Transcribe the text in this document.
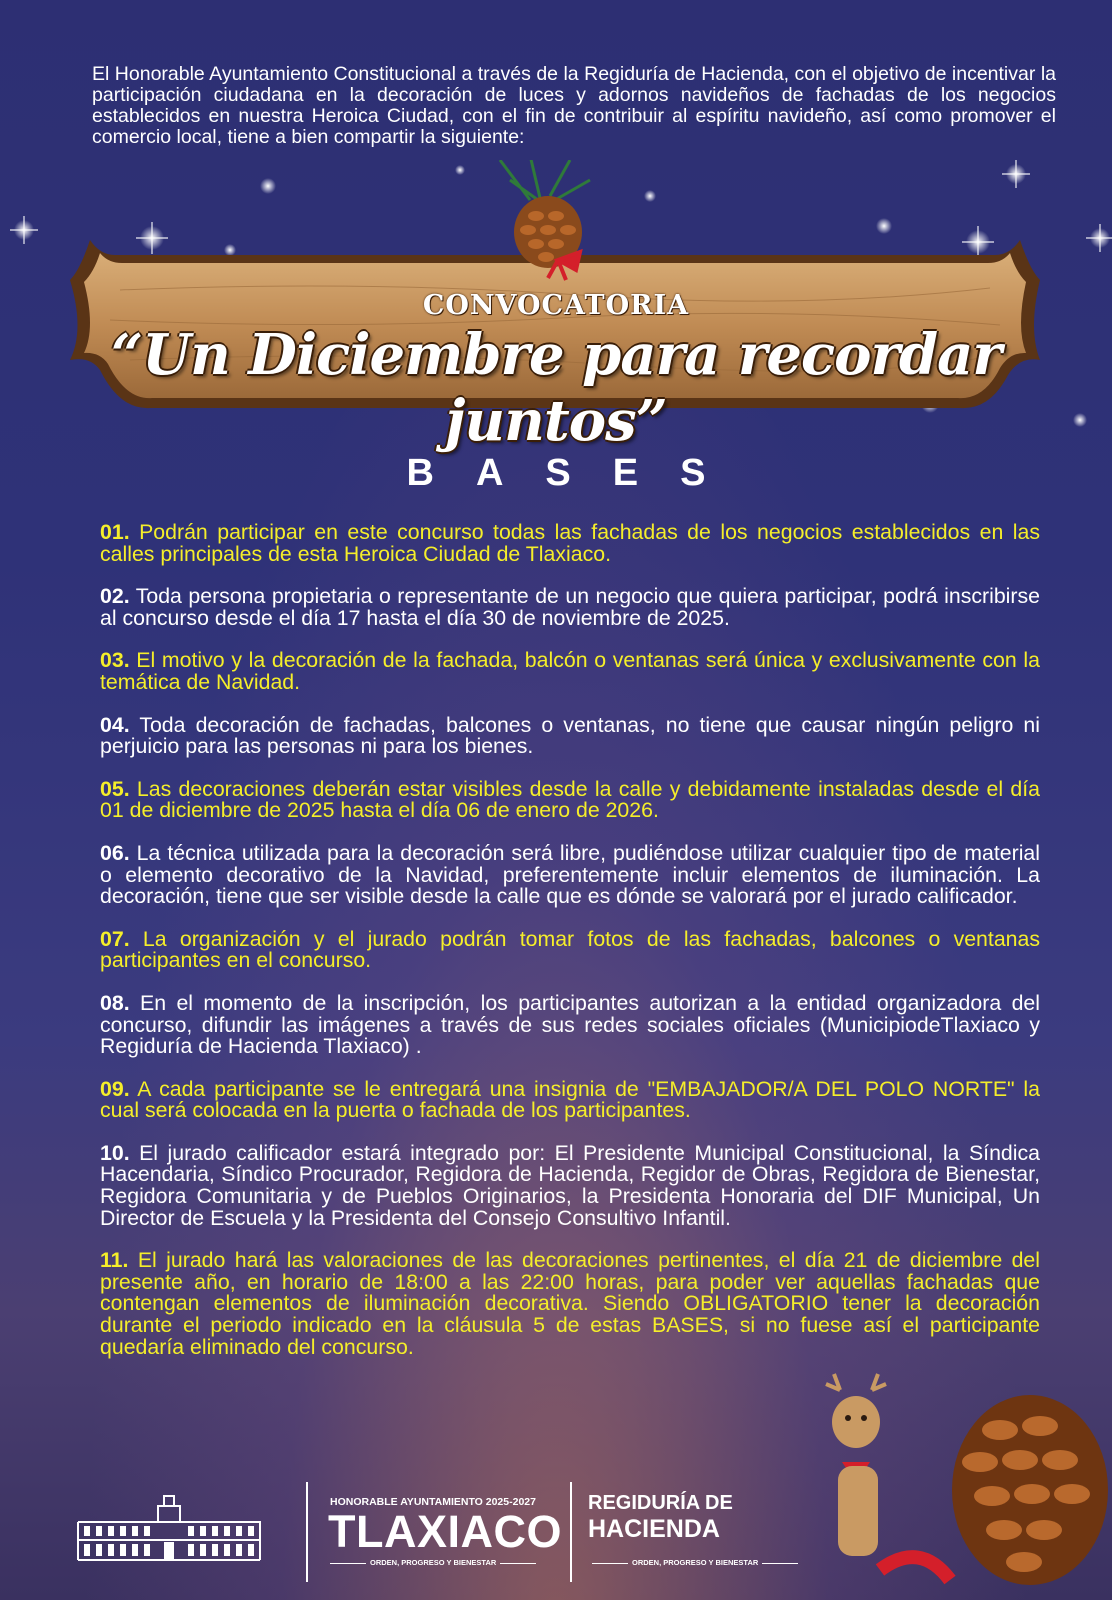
El Honorable Ayuntamiento Constitucional a través de la Regiduría de Hacienda, con el objetivo de incentivar la participación ciudadana en la decoración de luces y adornos navideños de fachadas de los negocios establecidos en nuestra Heroica Ciudad, con el fin de contribuir al espíritu navideño, así como promover el comercio local, tiene a bien compartir la siguiente:

CONVOCATORIA
“Un Diciembre para recordar juntos”
BASES
01. Podrán participar en este concurso todas las fachadas de los negocios establecidos en las calles principales de esta Heroica Ciudad de Tlaxiaco.
02. Toda persona propietaria o representante de un negocio que quiera participar, podrá inscribirse al concurso desde el día 17 hasta el día 30 de noviembre de 2025.
03. El motivo y la decoración de la fachada, balcón o ventanas será única y exclusivamente con la temática de Navidad.
04. Toda decoración de fachadas, balcones o ventanas, no tiene que causar ningún peligro ni perjuicio para las personas ni para los bienes.
05. Las decoraciones deberán estar visibles desde la calle y debidamente instaladas desde el día 01 de diciembre de 2025 hasta el día 06 de enero de 2026.
06. La técnica utilizada para la decoración será libre, pudiéndose utilizar cualquier tipo de material o elemento decorativo de la Navidad, preferentemente incluir elementos de iluminación. La decoración, tiene que ser visible desde la calle que es dónde se valorará por el jurado calificador.
07. La organización y el jurado podrán tomar fotos de las fachadas, balcones o ventanas participantes en el concurso.
08. En el momento de la inscripción, los participantes autorizan a la entidad organizadora del concurso, difundir las imágenes a través de sus redes sociales oficiales (MunicipiodeTlaxiaco y Regiduría de Hacienda Tlaxiaco) .
09. A cada participante se le entregará una insignia de "EMBAJADOR/A DEL POLO NORTE" la cual será colocada en la puerta o fachada de los participantes.
10. El jurado calificador estará integrado por: El Presidente Municipal Constitucional, la Síndica Hacendaria, Síndico Procurador, Regidora de Hacienda, Regidor de Obras, Regidora de Bienestar, Regidora Comunitaria y de Pueblos Originarios, la Presidenta Honoraria del DIF Municipal, Un Director de Escuela y la Presidenta del Consejo Consultivo Infantil.
11. El jurado hará las valoraciones de las decoraciones pertinentes, el día 21 de diciembre del presente año, en horario de 18:00 a las 22:00 horas, para poder ver aquellas fachadas que contengan elementos de iluminación decorativa. Siendo OBLIGATORIO tener la decoración durante el periodo indicado en la cláusula 5 de estas BASES, si no fuese así el participante quedaría eliminado del concurso.
HONORABLE AYUNTAMIENTO 2025-2027
TLAXIACO
ORDEN, PROGRESO Y BIENESTAR
REGIDURÍA DE
HACIENDA
ORDEN, PROGRESO Y BIENESTAR
